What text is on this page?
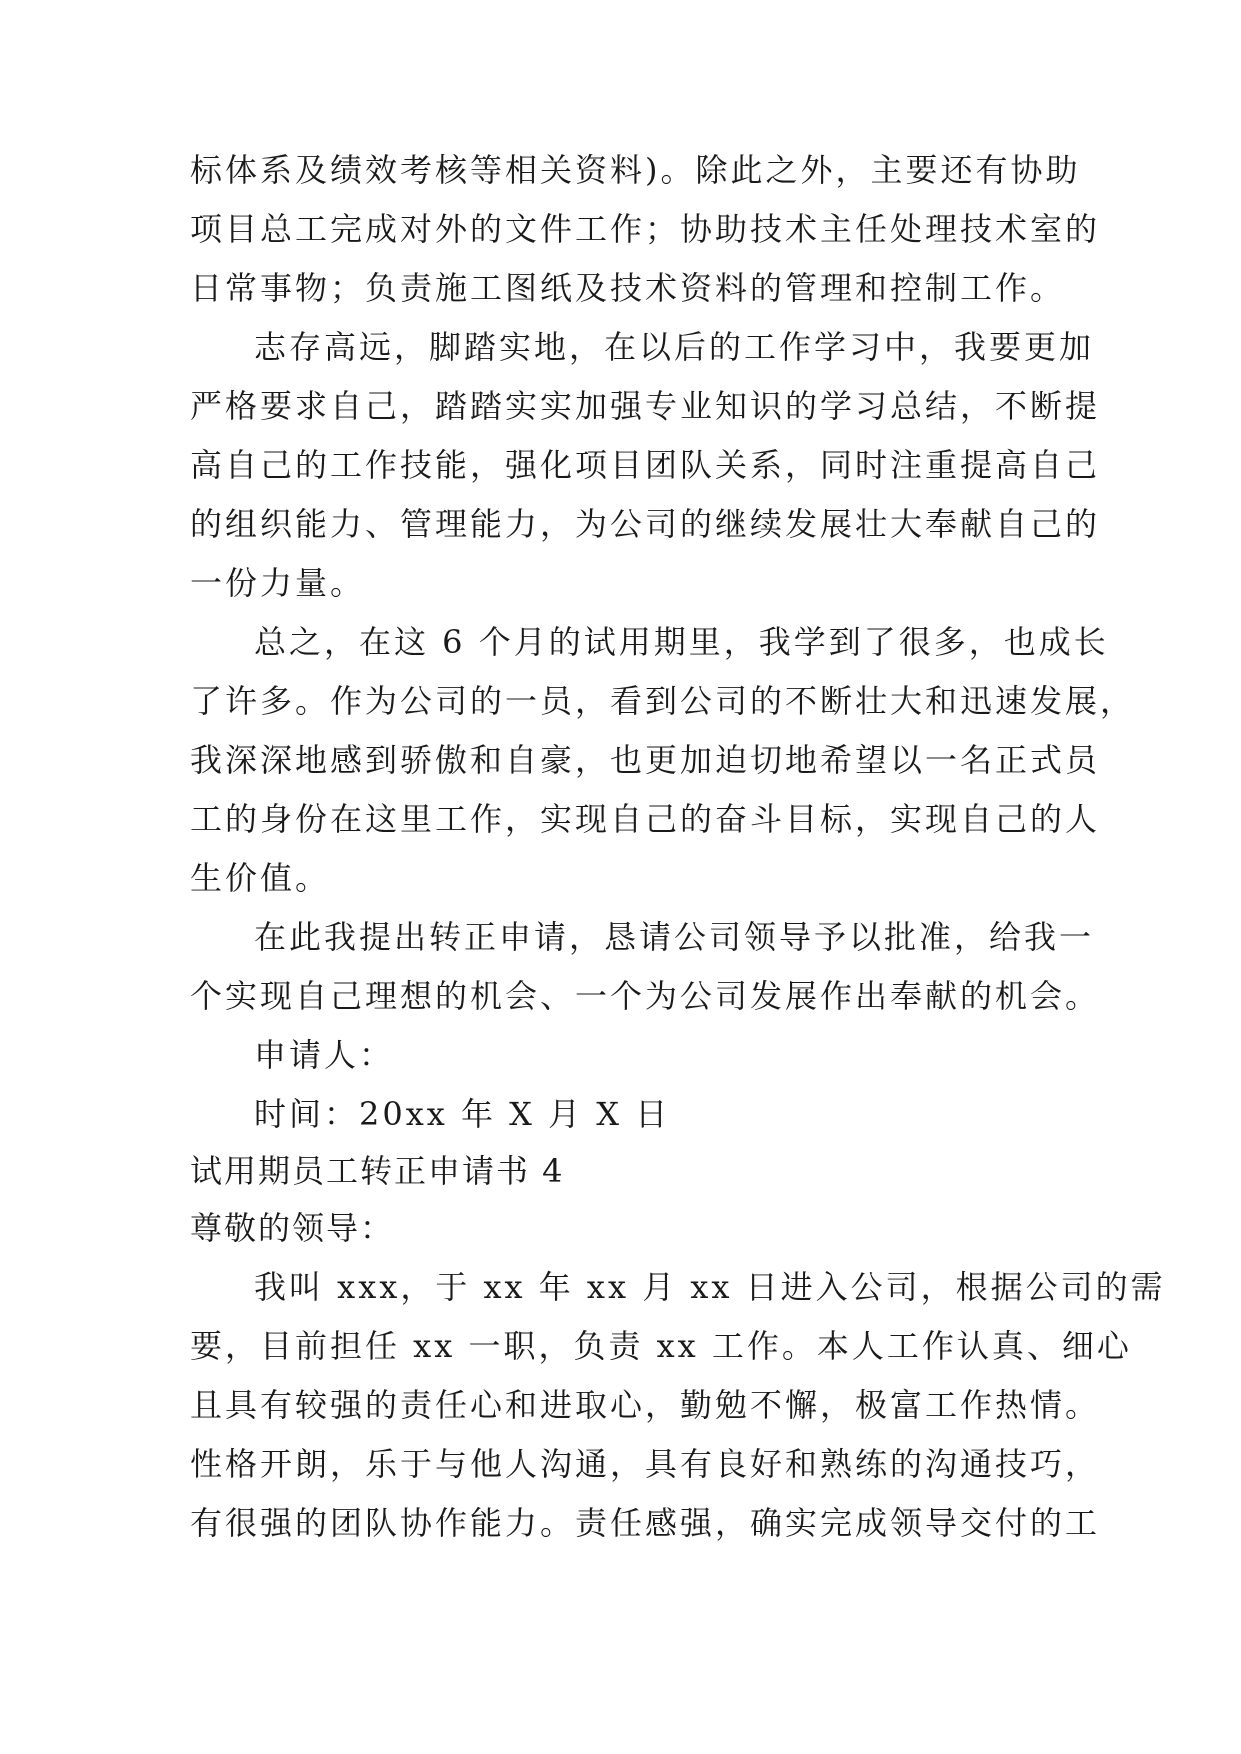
标体系及绩效考核等相关资料)。除此之外，主要还有协助
项目总工完成对外的文件工作；协助技术主任处理技术室的
日常事物；负责施工图纸及技术资料的管理和控制工作。
志存高远，脚踏实地，在以后的工作学习中，我要更加
严格要求自己，踏踏实实加强专业知识的学习总结，不断提
高自己的工作技能，强化项目团队关系，同时注重提高自己
的组织能力、管理能力，为公司的继续发展壮大奉献自己的
一份力量。
总之，在这 6 个月的试用期里，我学到了很多，也成长
了许多。作为公司的一员，看到公司的不断壮大和迅速发展，
我深深地感到骄傲和自豪，也更加迫切地希望以一名正式员
工的身份在这里工作，实现自己的奋斗目标，实现自己的人
生价值。
在此我提出转正申请，恳请公司领导予以批准，给我一
个实现自己理想的机会、一个为公司发展作出奉献的机会。
申请人：
时间：20xx 年 X 月 X 日
试用期员工转正申请书 4
尊敬的领导：
我叫 xxx，于 xx 年 xx 月 xx 日进入公司，根据公司的需
要，目前担任 xx 一职，负责 xx 工作。本人工作认真、细心
且具有较强的责任心和进取心，勤勉不懈，极富工作热情。
性格开朗，乐于与他人沟通，具有良好和熟练的沟通技巧，
有很强的团队协作能力。责任感强，确实完成领导交付的工
